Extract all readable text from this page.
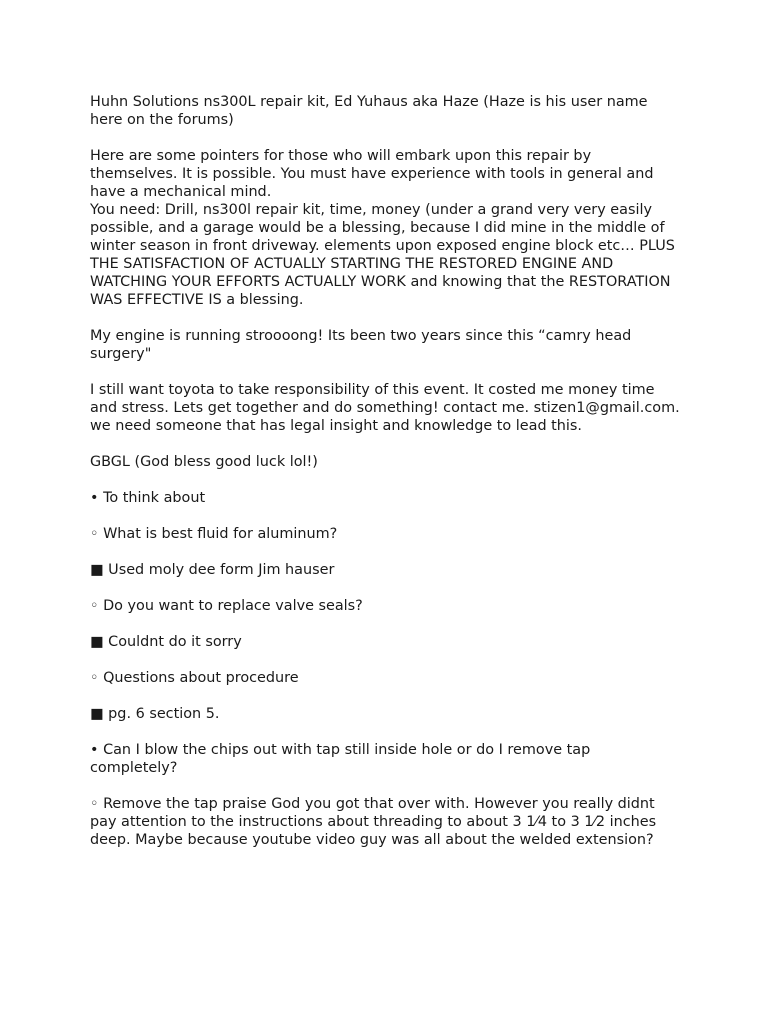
Huhn Solutions ns300L repair kit, Ed Yuhaus aka Haze (Haze is his user name here on the forums)

Here are some pointers for those who will embark upon this repair by themselves. It is possible. You must have experience with tools in general and have a mechanical mind.

You need: Drill, ns300l repair kit, time, money (under a grand very very easily possible, and a garage would be a blessing, because I did mine in the middle of winter season in front driveway. elements upon exposed engine block etc… PLUS THE SATISFACTION OF ACTUALLY STARTING THE RESTORED ENGINE AND WATCHING YOUR EFFORTS ACTUALLY WORK and knowing that the RESTORATION WAS EFFECTIVE IS a blessing.

My engine is running stroooong! Its been two years since this “camry head surgery"

I still want toyota to take responsibility of this event. It costed me money time and stress. Lets get together and do something! contact me. stizen1@gmail.com. we need someone that has legal insight and knowledge to lead this.

GBGL (God bless good luck lol!)

• To think about

◦ What is best fluid for aluminum?

■ Used moly dee form Jim hauser

◦ Do you want to replace valve seals?

■ Couldnt do it sorry

◦ Questions about procedure

■ pg. 6 section 5.

• Can I blow the chips out with tap still inside hole or do I remove tap completely?

◦ Remove the tap praise God you got that over with. However you really didnt pay attention to the instructions about threading to about 3 1⁄4 to 3 1⁄2 inches deep. Maybe because youtube video guy was all about the welded extension?
